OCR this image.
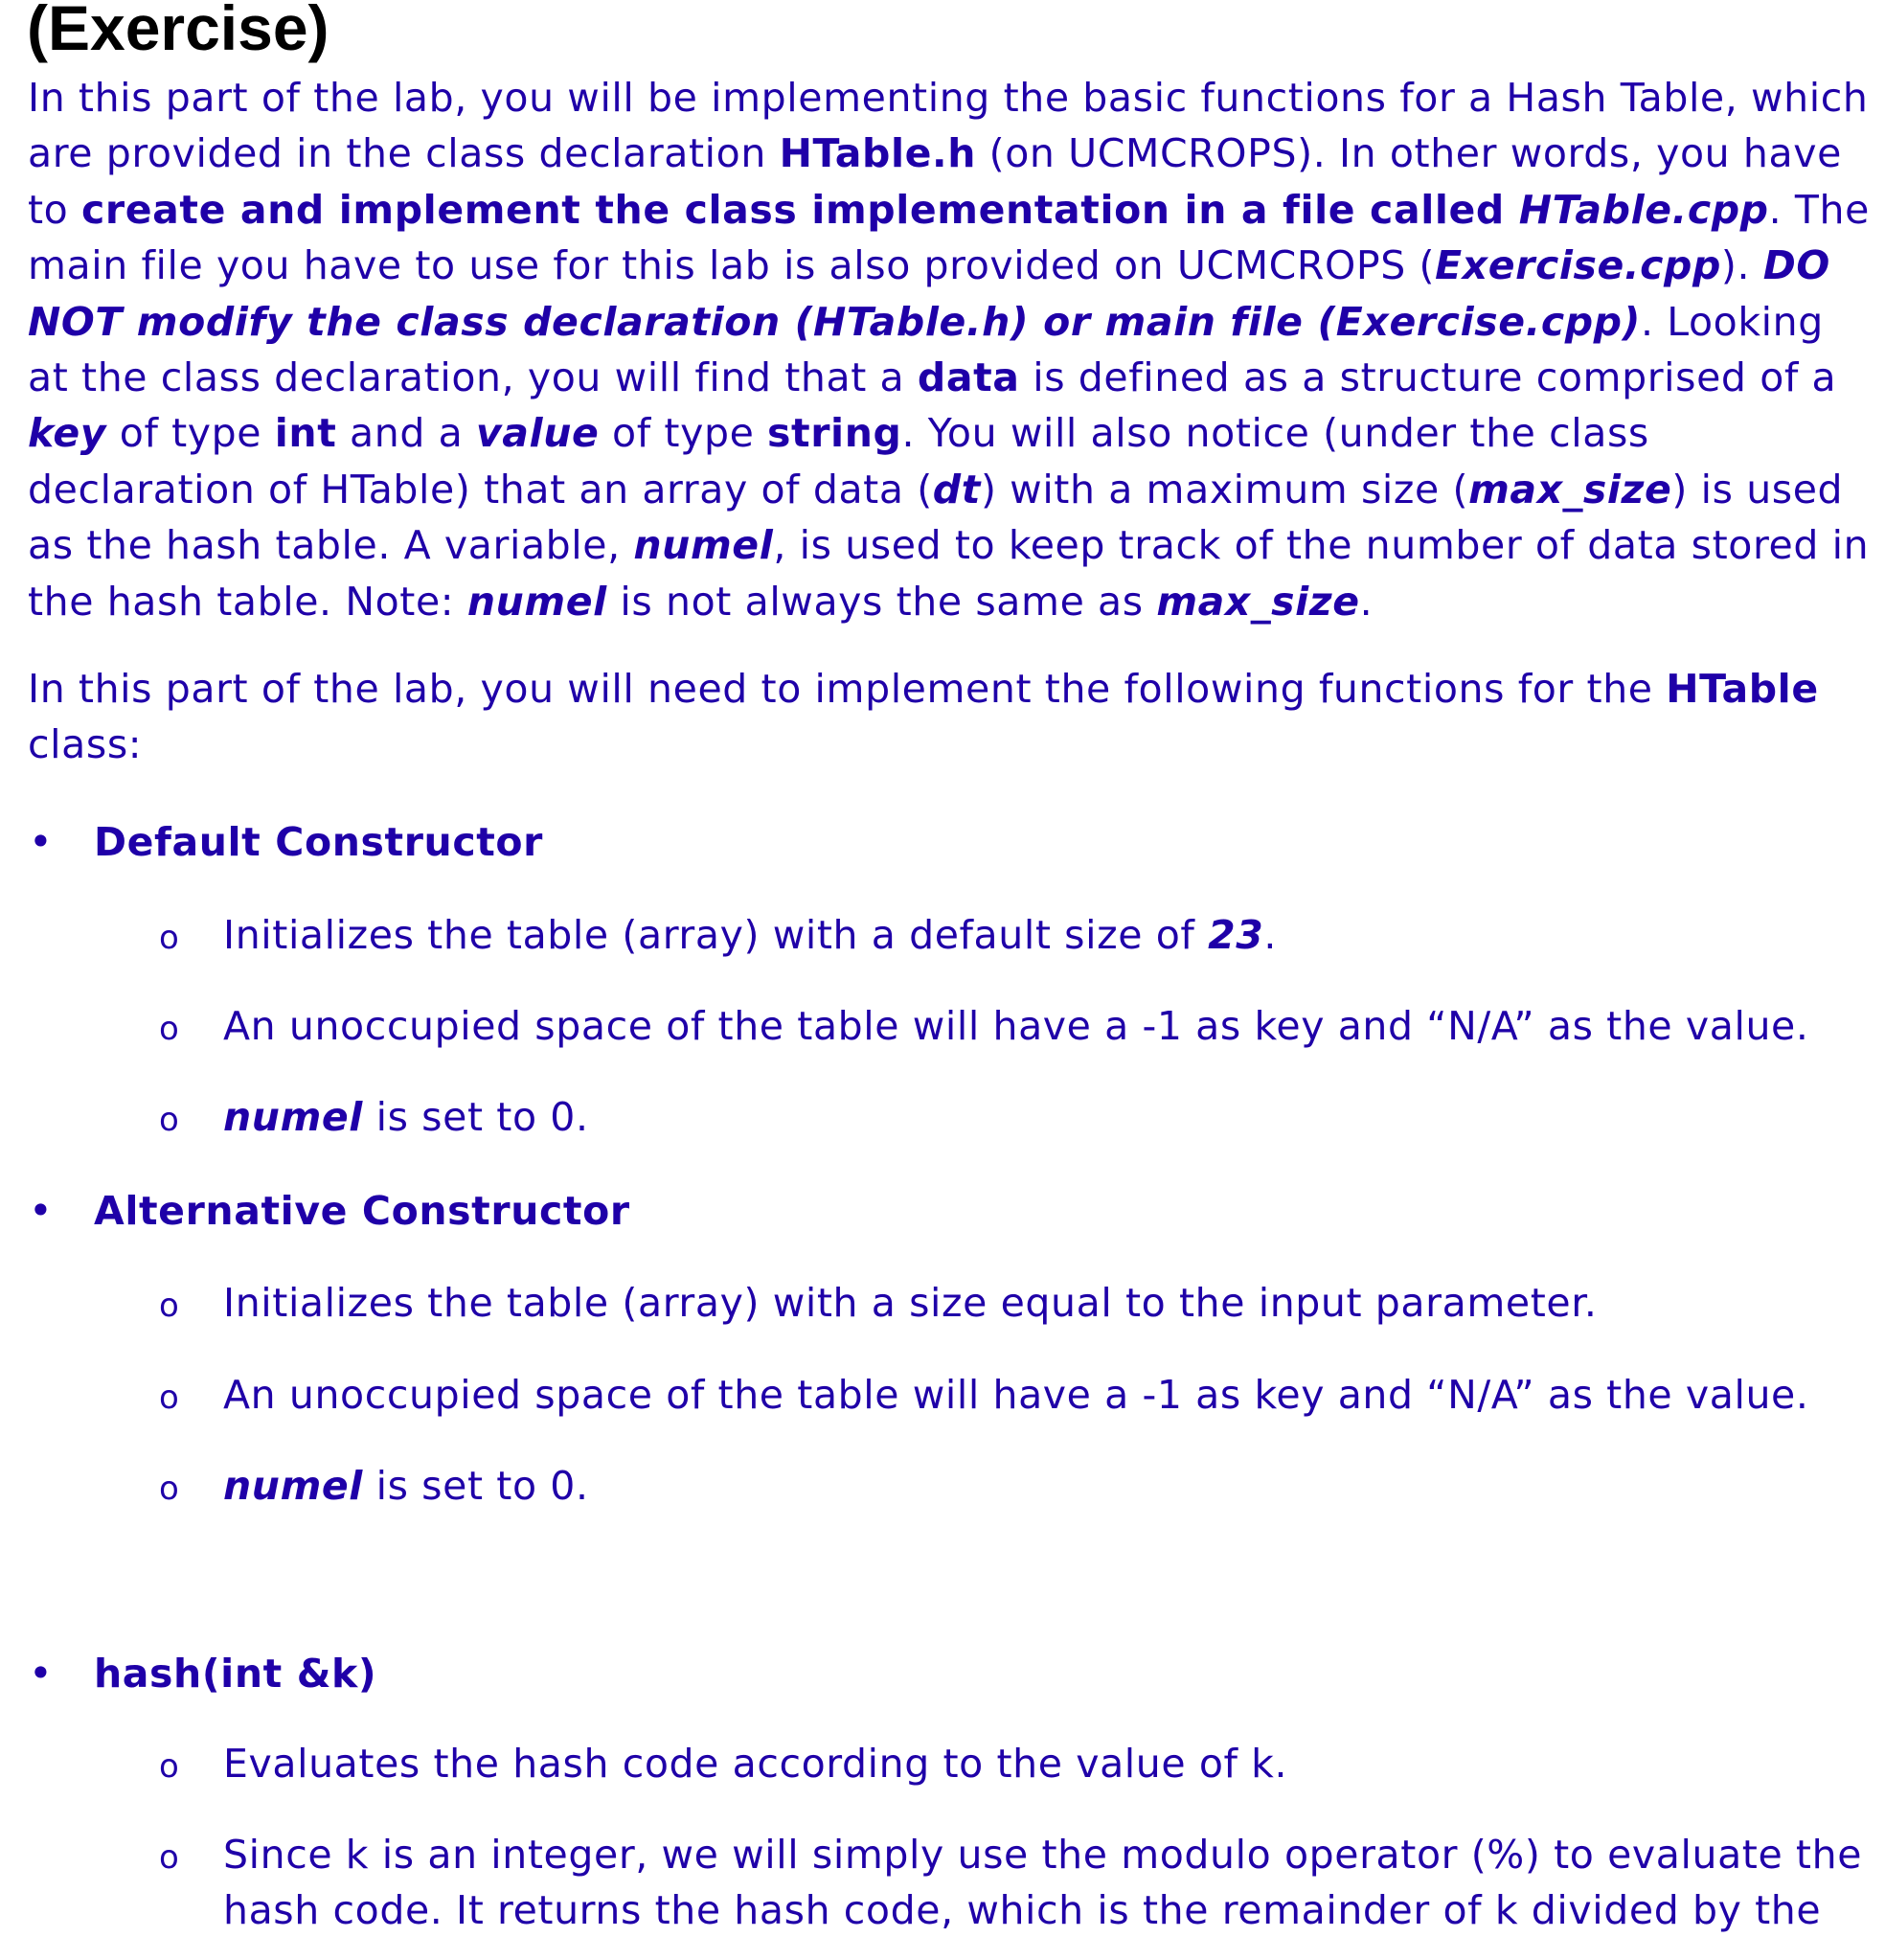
(Exercise)
In this part of the lab, you will be implementing the basic functions for a Hash Table, which
are provided in the class declaration HTable.h (on UCMCROPS). In other words, you have
to create and implement the class implementation in a file called HTable.cpp. The
main file you have to use for this lab is also provided on UCMCROPS (Exercise.cpp). DO
NOT modify the class declaration (HTable.h) or main file (Exercise.cpp). Looking
at the class declaration, you will find that a data is defined as a structure comprised of a
key of type int and a value of type string. You will also notice (under the class
declaration of HTable) that an array of data (dt) with a maximum size (max_size) is used
as the hash table. A variable, numel, is used to keep track of the number of data stored in
the hash table. Note: numel is not always the same as max_size.
In this part of the lab, you will need to implement the following functions for the HTable
class:
• Default Constructor
o Initializes the table (array) with a default size of 23.
o An unoccupied space of the table will have a -1 as key and “N/A” as the value.
o numel is set to 0.
• Alternative Constructor
o Initializes the table (array) with a size equal to the input parameter.
o An unoccupied space of the table will have a -1 as key and “N/A” as the value.
o numel is set to 0.
• hash(int &k)
o Evaluates the hash code according to the value of k.
o Since k is an integer, we will simply use the modulo operator (%) to evaluate the
hash code. It returns the hash code, which is the remainder of k divided by the
